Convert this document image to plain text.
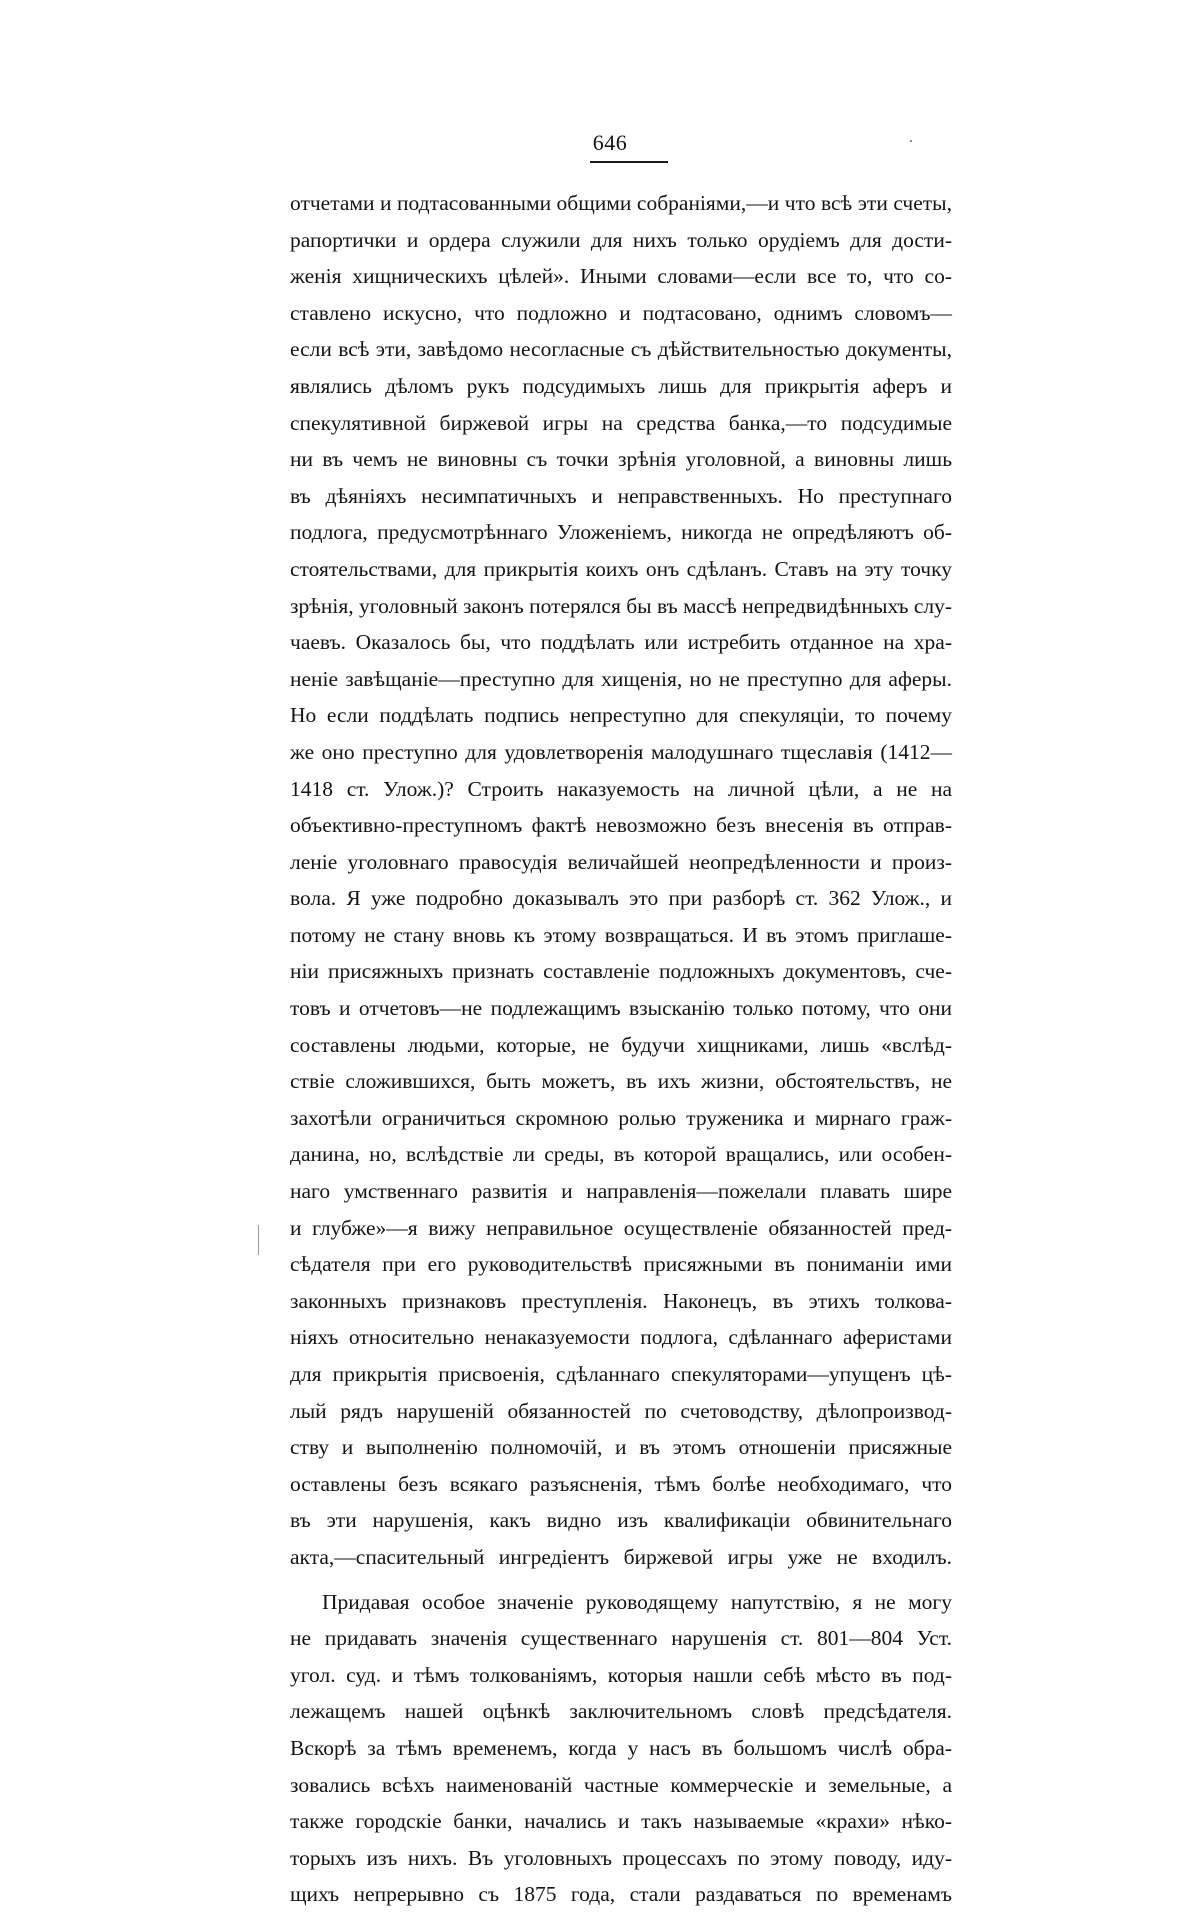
646
отчетами и подтасованными общими собраніями,—и что всѣ эти счеты,
рапортички и ордера служили для нихъ только орудіемъ для дости-
женія хищническихъ цѣлей». Иными словами—если все то, что со-
ставлено искусно, что подложно и подтасовано, однимъ словомъ—
если всѣ эти, завѣдомо несогласные съ дѣйствительностью документы,
являлись дѣломъ рукъ подсудимыхъ лишь для прикрытія аферъ и
спекулятивной биржевой игры на средства банка,—то подсудимые
ни въ чемъ не виновны съ точки зрѣнія уголовной, а виновны лишь
въ дѣяніяхъ несимпатичныхъ и неправственныхъ. Но преступнаго
подлога, предусмотрѣннаго Уложеніемъ, никогда не опредѣляютъ об-
стоятельствами, для прикрытія коихъ онъ сдѣланъ. Ставъ на эту точку
зрѣнія, уголовный законъ потерялся бы въ массѣ непредвидѣнныхъ слу-
чаевъ. Оказалось бы, что поддѣлать или истребить отданное на хра-
неніе завѣщаніе—преступно для хищенія, но не преступно для аферы.
Но если поддѣлать подпись непреступно для спекуляціи, то почему
же оно преступно для удовлетворенія малодушнаго тщеславія (1412—
1418 ст. Улож.)? Строить наказуемость на личной цѣли, а не на
объективно-преступномъ фактѣ невозможно безъ внесенія въ отправ-
леніе уголовнаго правосудія величайшей неопредѣленности и произ-
вола. Я уже подробно доказывалъ это при разборѣ ст. 362 Улож., и
потому не стану вновь къ этому возвращаться. И въ этомъ приглаше-
ніи присяжныхъ признать составленіе подложныхъ документовъ, сче-
товъ и отчетовъ—не подлежащимъ взысканію только потому, что они
составлены людьми, которые, не будучи хищниками, лишь «вслѣд-
ствіе сложившихся, быть можетъ, въ ихъ жизни, обстоятельствъ, не
захотѣли ограничиться скромною ролью труженика и мирнаго граж-
данина, но, вслѣдствіе ли среды, въ которой вращались, или особен-
наго умственнаго развитія и направленія—пожелали плавать шире
и глубже»—я вижу неправильное осуществленіе обязанностей пред-
сѣдателя при его руководительствѣ присяжными въ пониманіи ими
законныхъ признаковъ преступленія. Наконецъ, въ этихъ толкова-
ніяхъ относительно ненаказуемости подлога, сдѣланнаго аферистами
для прикрытія присвоенія, сдѣланнаго спекуляторами—упущенъ цѣ-
лый рядъ нарушеній обязанностей по счетоводству, дѣлопроизвод-
ству и выполненію полномочій, и въ этомъ отношеніи присяжные
оставлены безъ всякаго разъясненія, тѣмъ болѣе необходимаго, что
въ эти нарушенія, какъ видно изъ квалификаціи обвинительнаго
акта,—спасительный ингредіентъ биржевой игры уже не входилъ.
Придавая особое значеніе руководящему напутствію, я не могу
не придавать значенія существеннаго нарушенія ст. 801—804 Уст.
угол. суд. и тѣмъ толкованіямъ, которыя нашли себѣ мѣсто въ под-
лежащемъ нашей оцѣнкѣ заключительномъ словѣ предсѣдателя.
Вскорѣ за тѣмъ временемъ, когда у насъ въ большомъ числѣ обра-
зовались всѣхъ наименованій частные коммерческіе и земельные, а
также городскіе банки, начались и такъ называемые «крахи» нѣко-
торыхъ изъ нихъ. Въ уголовныхъ процессахъ по этому поводу, иду-
щихъ непрерывно съ 1875 года, стали раздаваться по временамъ
